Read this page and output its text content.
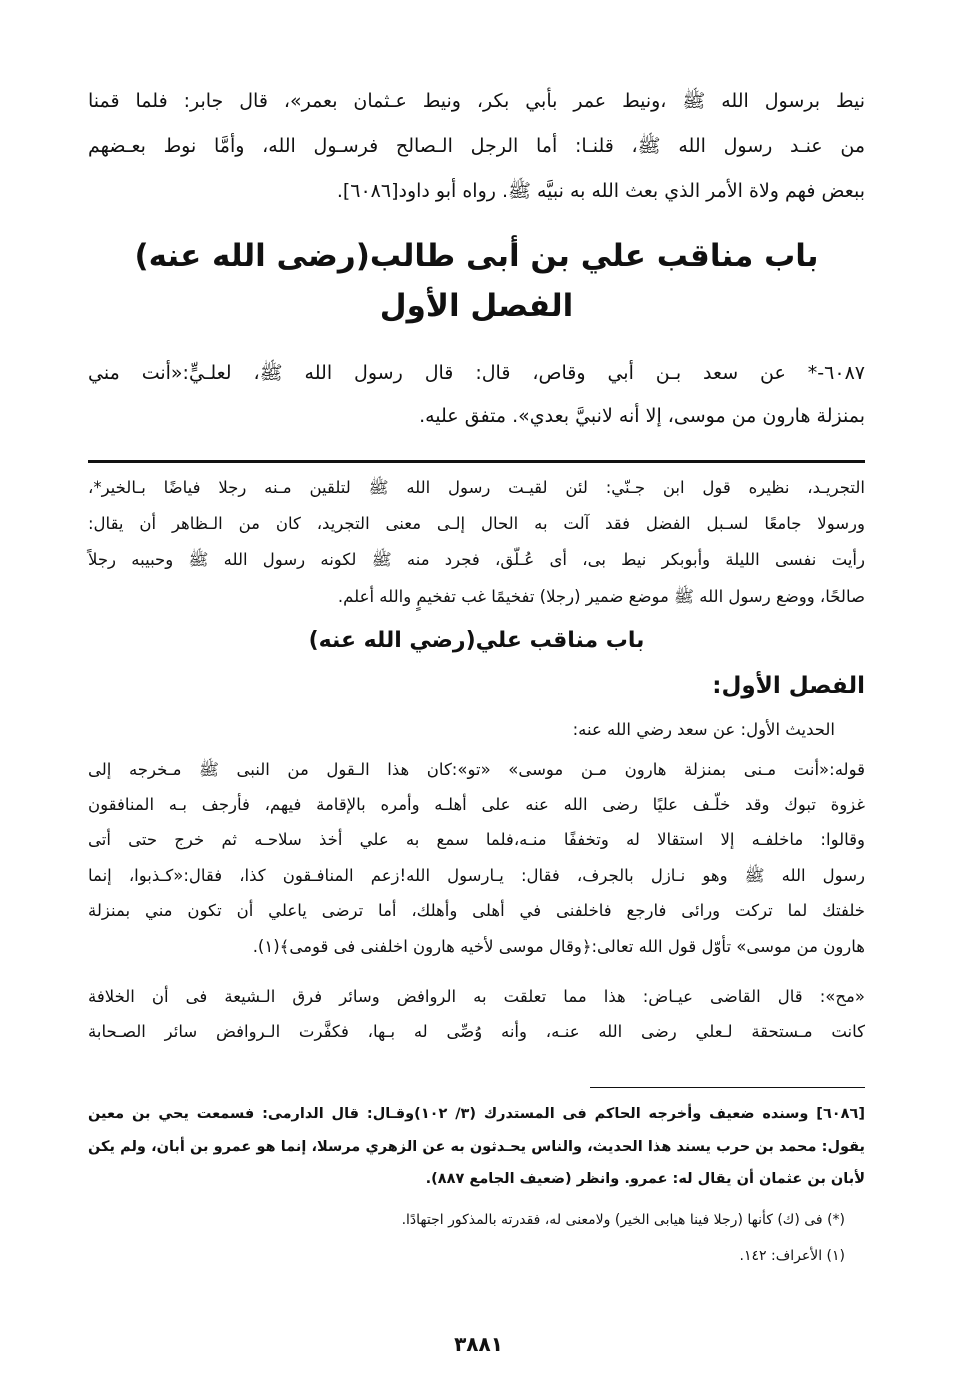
نيط برسول الله ﷺ ،ونيط عمر بأبي بكر، ونيط عـثمان بعمر»، قال جابر: فلما قمنا
من عنـد رسول الله ﷺ، قلنـا: أما الرجل الـصالح فرسـول الله، وأمَّا نوط بعـضهم
ببعض فهم ولاة الأمر الذي بعث الله به نبيَّه ﷺ. رواه أبو داود[٦٠٨٦].
باب مناقب علي بن أبى طالب(رضى الله عنه)
الفصل الأول
٦٠٨٧-* عن سعد بـن أبي وقاص، قال: قال رسول الله ﷺ، لعلـيٍّ:«أنت مني
بمنزلة هارون من موسى، إلا أنه لانبيَّ بعدي». متفق عليه.
التجريـد، نظيره قول ابن جـنّي: لئن لقيـت رسول الله ﷺ لتلقين مـنه رجلا فياضًا بـالخير*،
ورسولا جامعًا لسـبل الفضل فقد آلت به الحال إلـى معنى التجريد، كان من الـظاهر أن يقال:
رأيت نفسى الليلة وأبوبكر نيط بى، أى عُـلّق، فجرد منه ﷺ لكونه رسول الله ﷺ وحبيبه رجلاً
صالحًا، ووضع رسول الله ﷺ موضع ضمير (رجلا) تفخيمًا غب تفخيمٍ والله أعلم.
باب مناقب علي(رضي الله عنه)
الفصل الأول:
الحديث الأول: عن سعد رضي الله عنه:
قوله:«أنت مـنى بمنزلة هارون مـن موسى» «تو»:كان هذا الـقول من النبى ﷺ مـخرجه إلى
غزوة تبوك وقد خلّـف عليًا رضى الله عنه على أهلـه وأمره بالإقامة فيهم، فأرجف بـه المنافقون
وقالوا: ماخلفـه إلا استقالا له وتخففًا منـه،فلما سمع به علي أخذ سلاحـه ثم خرج حتى أتى
رسول الله ﷺ وهو نـازل بالجرف، فقال: يـارسول الله!زعم المنافـقون كذا، فقال:«كـذبوا، إنما
خلفتك لما تركت ورائى فارجع فاخلفنى في أهلى وأهلك، أما ترضى ياعلي أن تكون مني بمنزلة
هارون من موسى» تأوّل قول الله تعالى:﴿وقال موسى لأخيه هارون اخلفنى فى قومى﴾(١).
«مح»: قال القاضى عيـاض: هذا مما تعلقت به الروافض وسائر فرق الـشيعة فى أن الخلافة
كانت مـستحقة لـعلي رضى الله عنـه، وأنه وُصِّى له بـها، فكفَّرت الـروافض سائر الصـحابة
[٦٠٨٦] وسنده ضعيف وأخرجه الحاكم فى المستدرك (٣/ ١٠٢)وقـال: قال الدارمى: فسمعت يحي بن معين
يقول: محمد بن حرب يسند هذا الحديث، والناس يحـدثون به عن الزهري مرسلا، إنما هو عمرو بن أبان، ولم يكن
لأبان بن عثمان أن يقال له: عمرو. وانظر (ضعيف الجامع ٨٨٧).
(*) فى (ك) كأنها (رجلا فينا هيابى الخير) ولامعنى له، فقدرته بالمذكور اجتهادًا.
(١) الأعراف: ١٤٢.
٣٨٨١
